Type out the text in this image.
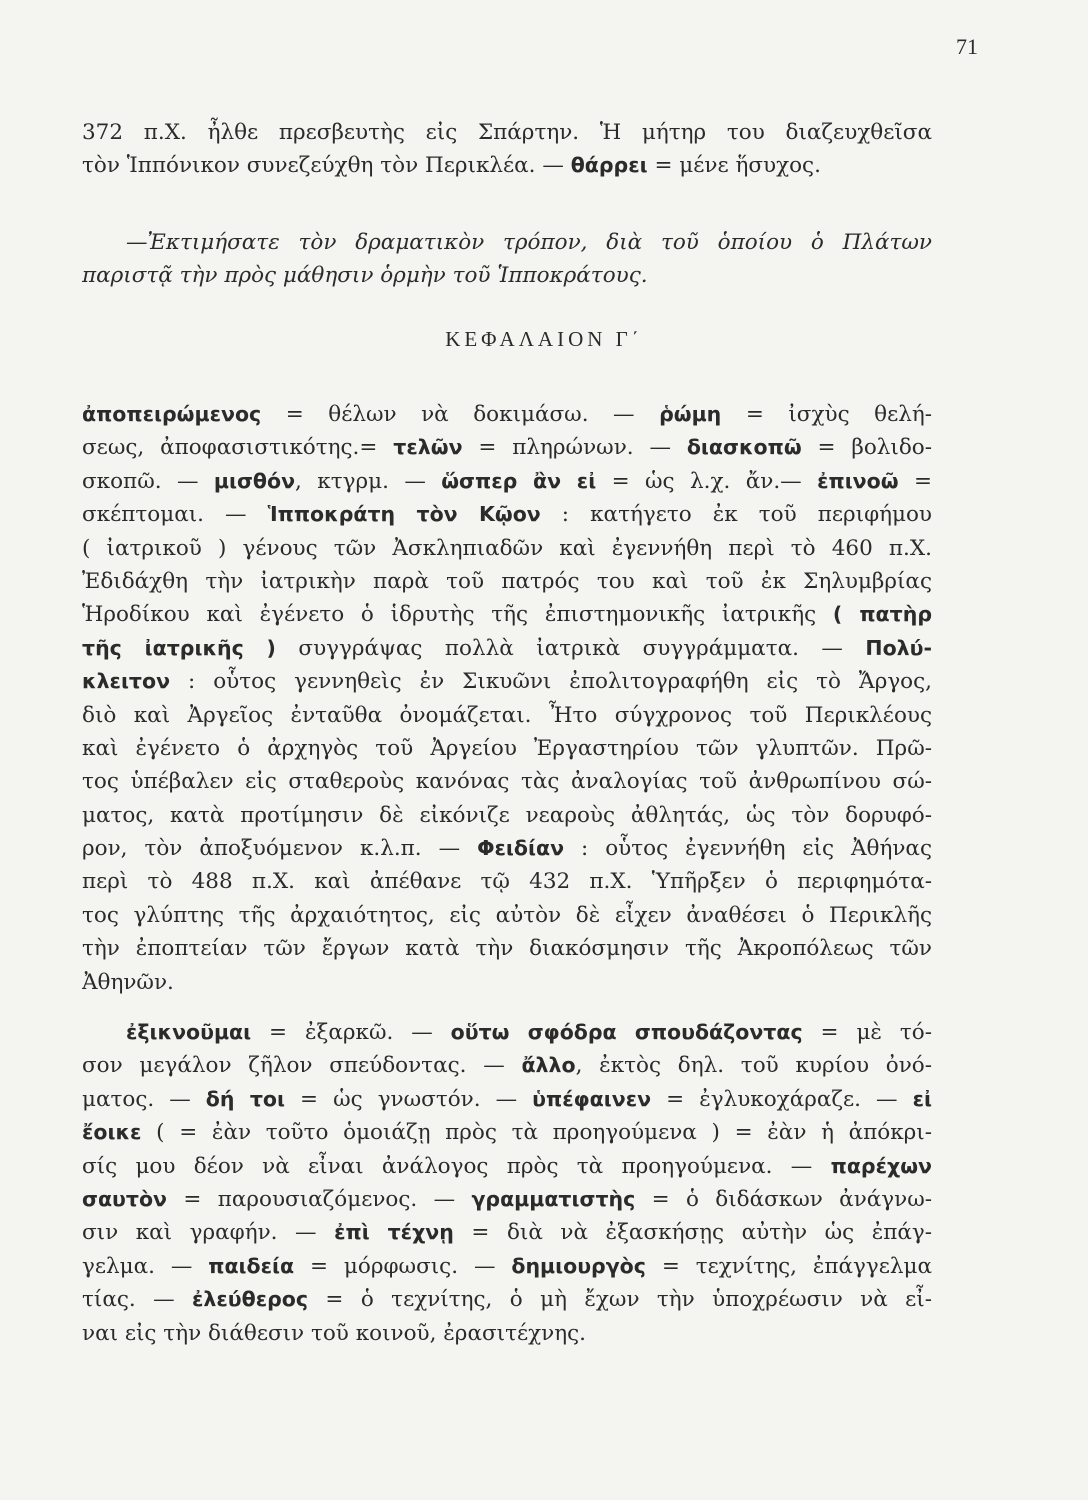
71
372 π.Χ. ἦλθε πρεσβευτὴς εἰς Σπάρτην. Ἡ μήτηρ του διαζευχθεῖσα
τὸν Ἱππόνικον συνεζεύχθη τὸν Περικλέα. — θάρρει = μένε ἥσυχος.
—Ἐκτιμήσατε τὸν δραματικὸν τρόπον, διὰ τοῦ ὁποίου ὁ Πλάτων
παριστᾷ τὴν πρὸς μάθησιν ὁρμὴν τοῦ Ἱπποκράτους.
ΚΕΦΑΛΑΙΟΝ Γ΄
ἀποπειρώμενος = θέλων νὰ δοκιμάσω. — ῥώμη = ἰσχὺς θελή-
σεως, ἀποφασιστικότης.= τελῶν = πληρώνων. — διασκοπῶ = βολιδο-
σκοπῶ. — μισθόν, κτγρμ. — ὥσπερ ἂν εἰ = ὡς λ.χ. ἄν.— ἐπινοῶ =
σκέπτομαι. — Ἱπποκράτη τὸν Κῷον : κατήγετο ἐκ τοῦ περιφήμου
( ἰατρικοῦ ) γένους τῶν Ἀσκληπιαδῶν καὶ ἐγεννήθη περὶ τὸ 460 π.Χ.
Ἐδιδάχθη τὴν ἰατρικὴν παρὰ τοῦ πατρός του καὶ τοῦ ἐκ Σηλυμβρίας
Ἡροδίκου καὶ ἐγένετο ὁ ἱδρυτὴς τῆς ἐπιστημονικῆς ἰατρικῆς ( πατὴρ
τῆς ἰατρικῆς ) συγγράψας πολλὰ ἰατρικὰ συγγράμματα. — Πολύ-
κλειτον : οὗτος γεννηθεὶς ἐν Σικυῶνι ἐπολιτογραφήθη εἰς τὸ Ἄργος,
διὸ καὶ Ἀργεῖος ἐνταῦθα ὀνομάζεται. Ἦτο σύγχρονος τοῦ Περικλέους
καὶ ἐγένετο ὁ ἀρχηγὸς τοῦ Ἀργείου Ἐργαστηρίου τῶν γλυπτῶν. Πρῶ-
τος ὑπέβαλεν εἰς σταθεροὺς κανόνας τὰς ἀναλογίας τοῦ ἀνθρωπίνου σώ-
ματος, κατὰ προτίμησιν δὲ εἰκόνιζε νεαροὺς ἀθλητάς, ὡς τὸν δορυφό-
ρον, τὸν ἀποξυόμενον κ.λ.π. — Φειδίαν : οὗτος ἐγεννήθη εἰς Ἀθήνας
περὶ τὸ 488 π.Χ. καὶ ἀπέθανε τῷ 432 π.Χ. Ὑπῆρξεν ὁ περιφημότα-
τος γλύπτης τῆς ἀρχαιότητος, εἰς αὐτὸν δὲ εἶχεν ἀναθέσει ὁ Περικλῆς
τὴν ἐποπτείαν τῶν ἔργων κατὰ τὴν διακόσμησιν τῆς Ἀκροπόλεως τῶν
Ἀθηνῶν.
ἐξικνοῦμαι = ἐξαρκῶ. — οὕτω σφόδρα σπουδάζοντας = μὲ τό-
σον μεγάλον ζῆλον σπεύδοντας. — ἄλλο, ἐκτὸς δηλ. τοῦ κυρίου ὀνό-
ματος. — δή τοι = ὡς γνωστόν. — ὑπέφαινεν = ἐγλυκοχάραζε. — εἰ
ἔοικε ( = ἐὰν τοῦτο ὁμοιάζῃ πρὸς τὰ προηγούμενα ) = ἐὰν ἡ ἀπόκρι-
σίς μου δέον νὰ εἶναι ἀνάλογος πρὸς τὰ προηγούμενα. — παρέχων
σαυτὸν = παρουσιαζόμενος. — γραμματιστὴς = ὁ διδάσκων ἀνάγνω-
σιν καὶ γραφήν. — ἐπὶ τέχνῃ = διὰ νὰ ἐξασκήσῃς αὐτὴν ὡς ἐπάγ-
γελμα. — παιδεία = μόρφωσις. — δημιουργὸς = τεχνίτης, ἐπάγγελμα
τίας. — ἐλεύθερος = ὁ τεχνίτης, ὁ μὴ ἔχων τὴν ὑποχρέωσιν νὰ εἶ-
ναι εἰς τὴν διάθεσιν τοῦ κοινοῦ, ἐρασιτέχνης.
